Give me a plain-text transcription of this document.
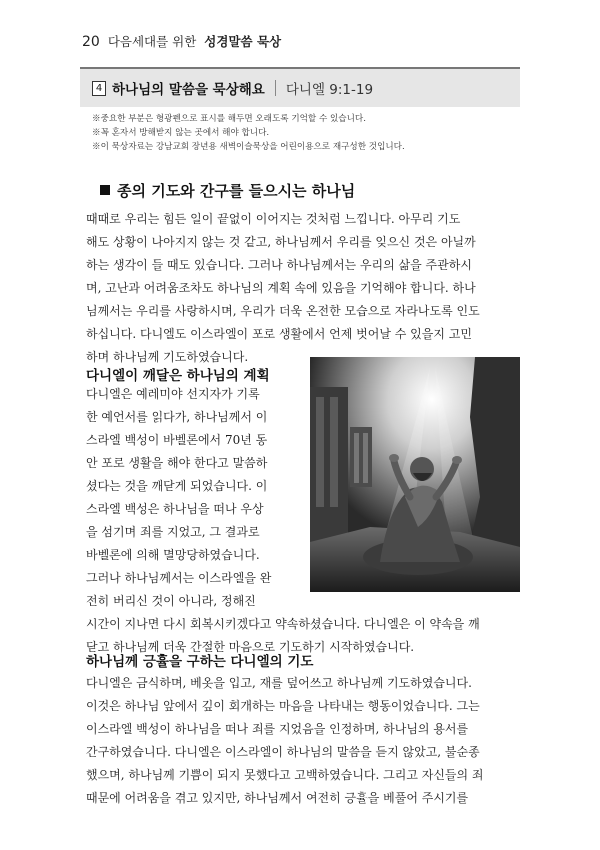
20 다음세대를 위한 성경말씀 묵상
4 하나님의 말씀을 묵상해요 다니엘 9:1-19
※중요한 부분은 형광펜으로 표시를 해두면 오래도록 기억할 수 있습니다.
※꼭 혼자서 방해받지 않는 곳에서 해야 합니다.
※이 묵상자료는 강남교회 장년용 새벽이슬묵상을 어린이용으로 재구성한 것입니다.
종의 기도와 간구를 들으시는 하나님
때때로 우리는 힘든 일이 끝없이 이어지는 것처럼 느낍니다. 아무리 기도
해도 상황이 나아지지 않는 것 같고, 하나님께서 우리를 잊으신 것은 아닐까
하는 생각이 들 때도 있습니다. 그러나 하나님께서는 우리의 삶을 주관하시
며, 고난과 어려움조차도 하나님의 계획 속에 있음을 기억해야 합니다. 하나
님께서는 우리를 사랑하시며, 우리가 더욱 온전한 모습으로 자라나도록 인도
하십니다. 다니엘도 이스라엘이 포로 생활에서 언제 벗어날 수 있을지 고민
하며 하나님께 기도하였습니다.
다니엘이 깨달은 하나님의 계획
다니엘은 예레미야 선지자가 기록
한 예언서를 읽다가, 하나님께서 이
스라엘 백성이 바벨론에서 70년 동
안 포로 생활을 해야 한다고 말씀하
셨다는 것을 깨닫게 되었습니다. 이
스라엘 백성은 하나님을 떠나 우상
을 섬기며 죄를 지었고, 그 결과로
바벨론에 의해 멸망당하였습니다.
그러나 하나님께서는 이스라엘을 완
전히 버리신 것이 아니라, 정해진
시간이 지나면 다시 회복시키겠다고 약속하셨습니다. 다니엘은 이 약속을 깨
닫고 하나님께 더욱 간절한 마음으로 기도하기 시작하였습니다.
하나님께 긍휼을 구하는 다니엘의 기도
다니엘은 금식하며, 베옷을 입고, 재를 덮어쓰고 하나님께 기도하였습니다.
이것은 하나님 앞에서 깊이 회개하는 마음을 나타내는 행동이었습니다. 그는
이스라엘 백성이 하나님을 떠나 죄를 지었음을 인정하며, 하나님의 용서를
간구하였습니다. 다니엘은 이스라엘이 하나님의 말씀을 듣지 않았고, 불순종
했으며, 하나님께 기쁨이 되지 못했다고 고백하였습니다. 그리고 자신들의 죄
때문에 어려움을 겪고 있지만, 하나님께서 여전히 긍휼을 베풀어 주시기를
